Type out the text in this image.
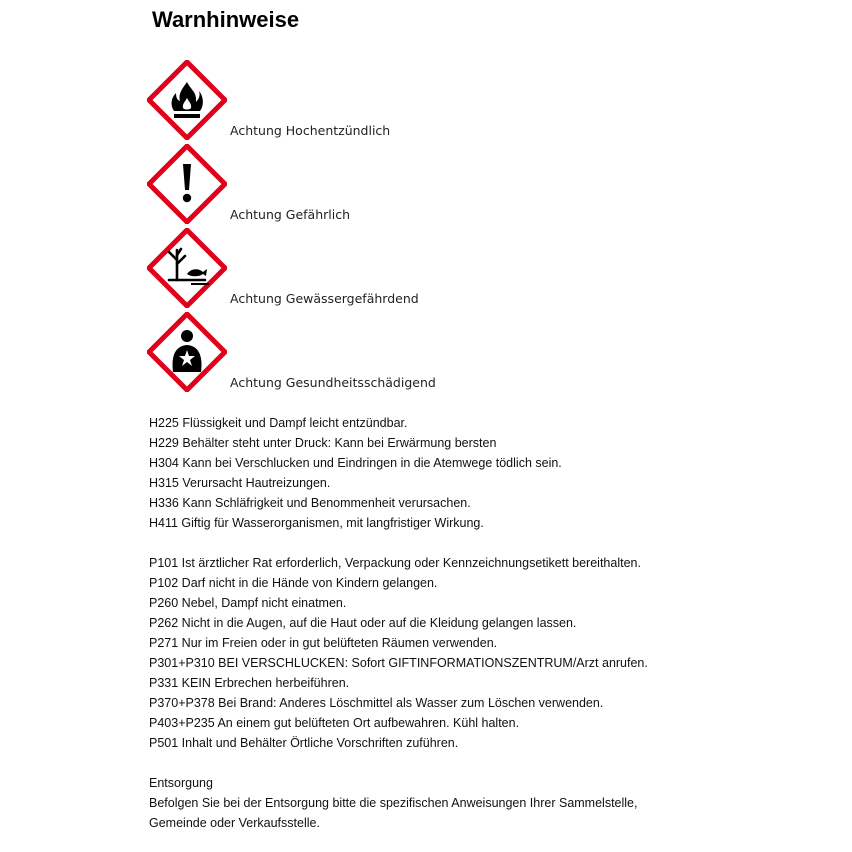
Warnhinweise
Achtung Hochentzündlich
Achtung Gefährlich
Achtung Gewässergefährdend
Achtung Gesundheitsschädigend
H225 Flüssigkeit und Dampf leicht entzündbar.
H229 Behälter steht unter Druck: Kann bei Erwärmung bersten
H304 Kann bei Verschlucken und Eindringen in die Atemwege tödlich sein.
H315 Verursacht Hautreizungen.
H336 Kann Schläfrigkeit und Benommenheit verursachen.
H411 Giftig für Wasserorganismen, mit langfristiger Wirkung.
P101 Ist ärztlicher Rat erforderlich, Verpackung oder Kennzeichnungsetikett bereithalten.
P102 Darf nicht in die Hände von Kindern gelangen.
P260 Nebel, Dampf nicht einatmen.
P262 Nicht in die Augen, auf die Haut oder auf die Kleidung gelangen lassen.
P271 Nur im Freien oder in gut belüfteten Räumen verwenden.
P301+P310 BEI VERSCHLUCKEN: Sofort GIFTINFORMATIONSZENTRUM/Arzt anrufen.
P331 KEIN Erbrechen herbeiführen.
P370+P378 Bei Brand: Anderes Löschmittel als Wasser zum Löschen verwenden.
P403+P235 An einem gut belüfteten Ort aufbewahren. Kühl halten.
P501 Inhalt und Behälter Örtliche Vorschriften zuführen.
Entsorgung
Befolgen Sie bei der Entsorgung bitte die spezifischen Anweisungen Ihrer Sammelstelle,
Gemeinde oder Verkaufsstelle.
